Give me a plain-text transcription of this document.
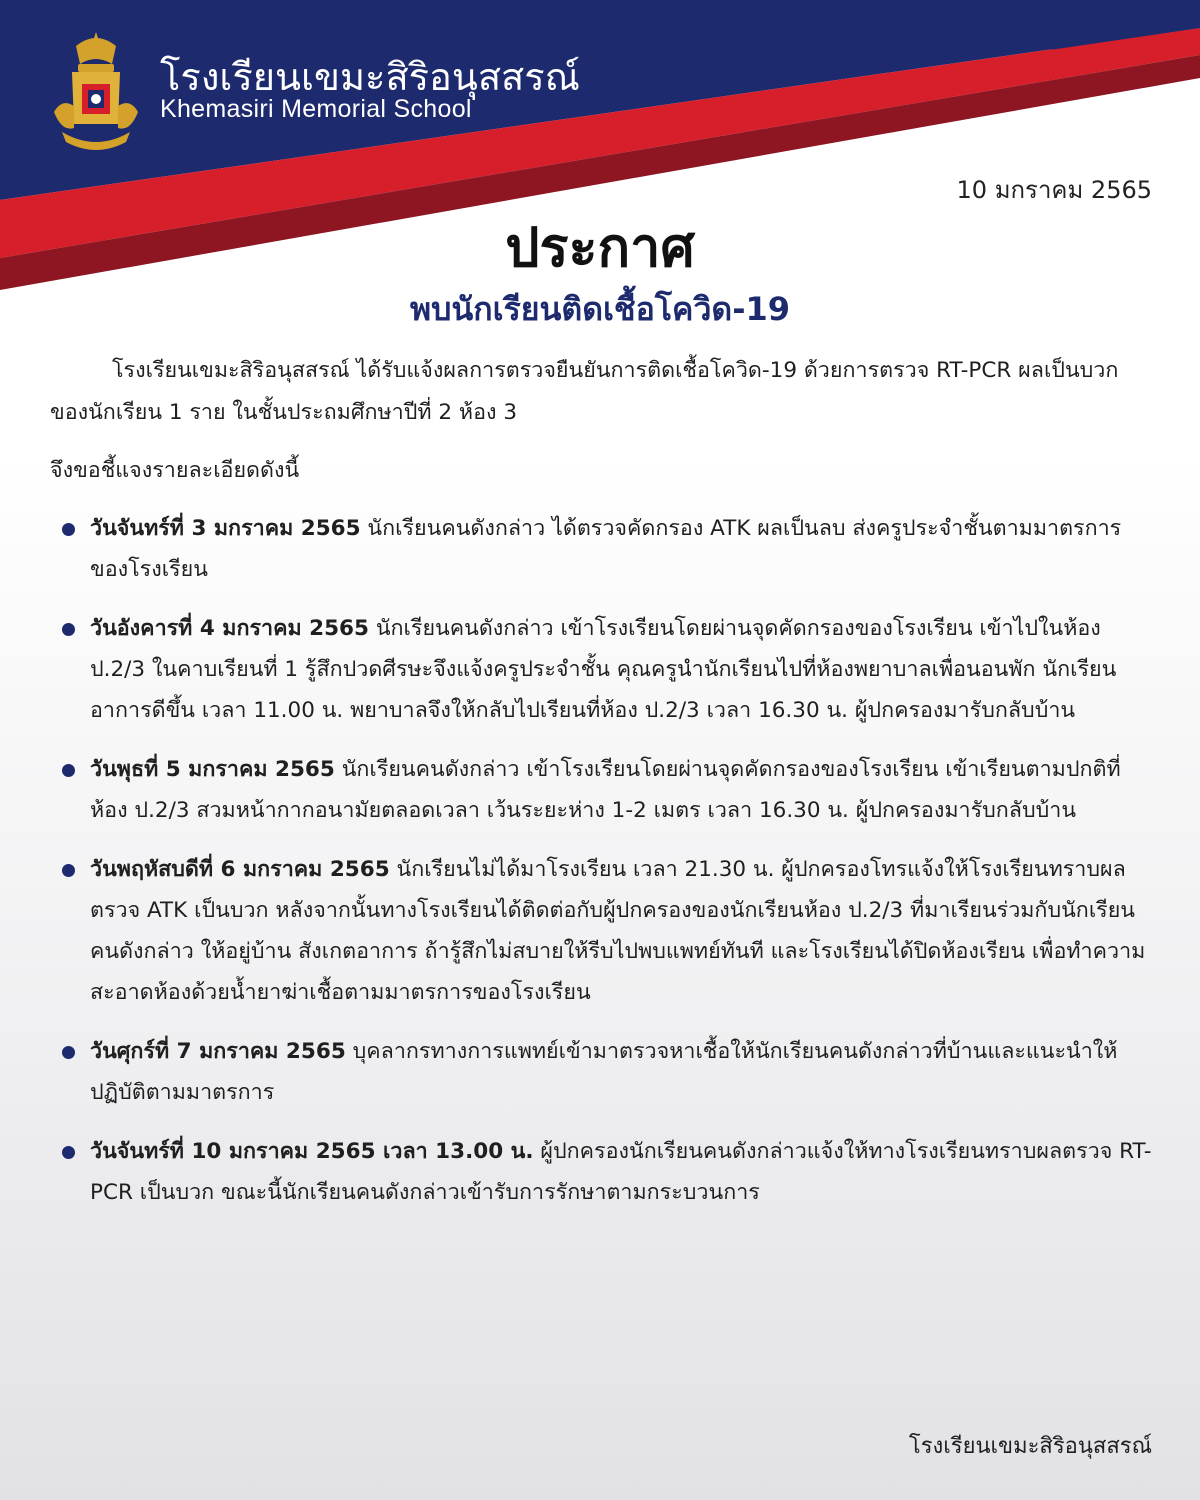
โรงเรียนเขมะสิริอนุสสรณ์
Khemasiri Memorial School
10 มกราคม 2565
ประกาศ
พบนักเรียนติดเชื้อโควิด-19
โรงเรียนเขมะสิริอนุสสรณ์ ได้รับแจ้งผลการตรวจยืนยันการติดเชื้อโควิด-19 ด้วยการตรวจ RT-PCR ผลเป็นบวก ของนักเรียน 1 ราย ในชั้นประถมศึกษาปีที่ 2 ห้อง 3
จึงขอชี้แจงรายละเอียดดังนี้
วันจันทร์ที่ 3 มกราคม 2565 นักเรียนคนดังกล่าว ได้ตรวจคัดกรอง ATK ผลเป็นลบ ส่งครูประจำชั้นตามมาตรการของโรงเรียน
วันอังคารที่ 4 มกราคม 2565 นักเรียนคนดังกล่าว เข้าโรงเรียนโดยผ่านจุดคัดกรองของโรงเรียน เข้าไปในห้อง ป.2/3 ในคาบเรียนที่ 1 รู้สึกปวดศีรษะจึงแจ้งครูประจำชั้น คุณครูนำนักเรียนไปที่ห้องพยาบาลเพื่อนอนพัก นักเรียนอาการดีขึ้น เวลา 11.00 น. พยาบาลจึงให้กลับไปเรียนที่ห้อง ป.2/3 เวลา 16.30 น. ผู้ปกครองมารับกลับบ้าน
วันพุธที่ 5 มกราคม 2565 นักเรียนคนดังกล่าว เข้าโรงเรียนโดยผ่านจุดคัดกรองของโรงเรียน เข้าเรียนตามปกติที่ห้อง ป.2/3 สวมหน้ากากอนามัยตลอดเวลา เว้นระยะห่าง 1-2 เมตร เวลา 16.30 น. ผู้ปกครองมารับกลับบ้าน
วันพฤหัสบดีที่ 6 มกราคม 2565 นักเรียนไม่ได้มาโรงเรียน เวลา 21.30 น. ผู้ปกครองโทรแจ้งให้โรงเรียนทราบผลตรวจ ATK เป็นบวก หลังจากนั้นทางโรงเรียนได้ติดต่อกับผู้ปกครองของนักเรียนห้อง ป.2/3 ที่มาเรียนร่วมกับนักเรียนคนดังกล่าว ให้อยู่บ้าน สังเกตอาการ ถ้ารู้สึกไม่สบายให้รีบไปพบแพทย์ทันที และโรงเรียนได้ปิดห้องเรียน เพื่อทำความสะอาดห้องด้วยน้ำยาฆ่าเชื้อตามมาตรการของโรงเรียน
วันศุกร์ที่ 7 มกราคม 2565 บุคลากรทางการแพทย์เข้ามาตรวจหาเชื้อให้นักเรียนคนดังกล่าวที่บ้านและแนะนำให้ปฏิบัติตามมาตรการ
วันจันทร์ที่ 10 มกราคม 2565 เวลา 13.00 น. ผู้ปกครองนักเรียนคนดังกล่าวแจ้งให้ทางโรงเรียนทราบผลตรวจ RT-PCR เป็นบวก ขณะนี้นักเรียนคนดังกล่าวเข้ารับการรักษาตามกระบวนการ
โรงเรียนเขมะสิริอนุสสรณ์
